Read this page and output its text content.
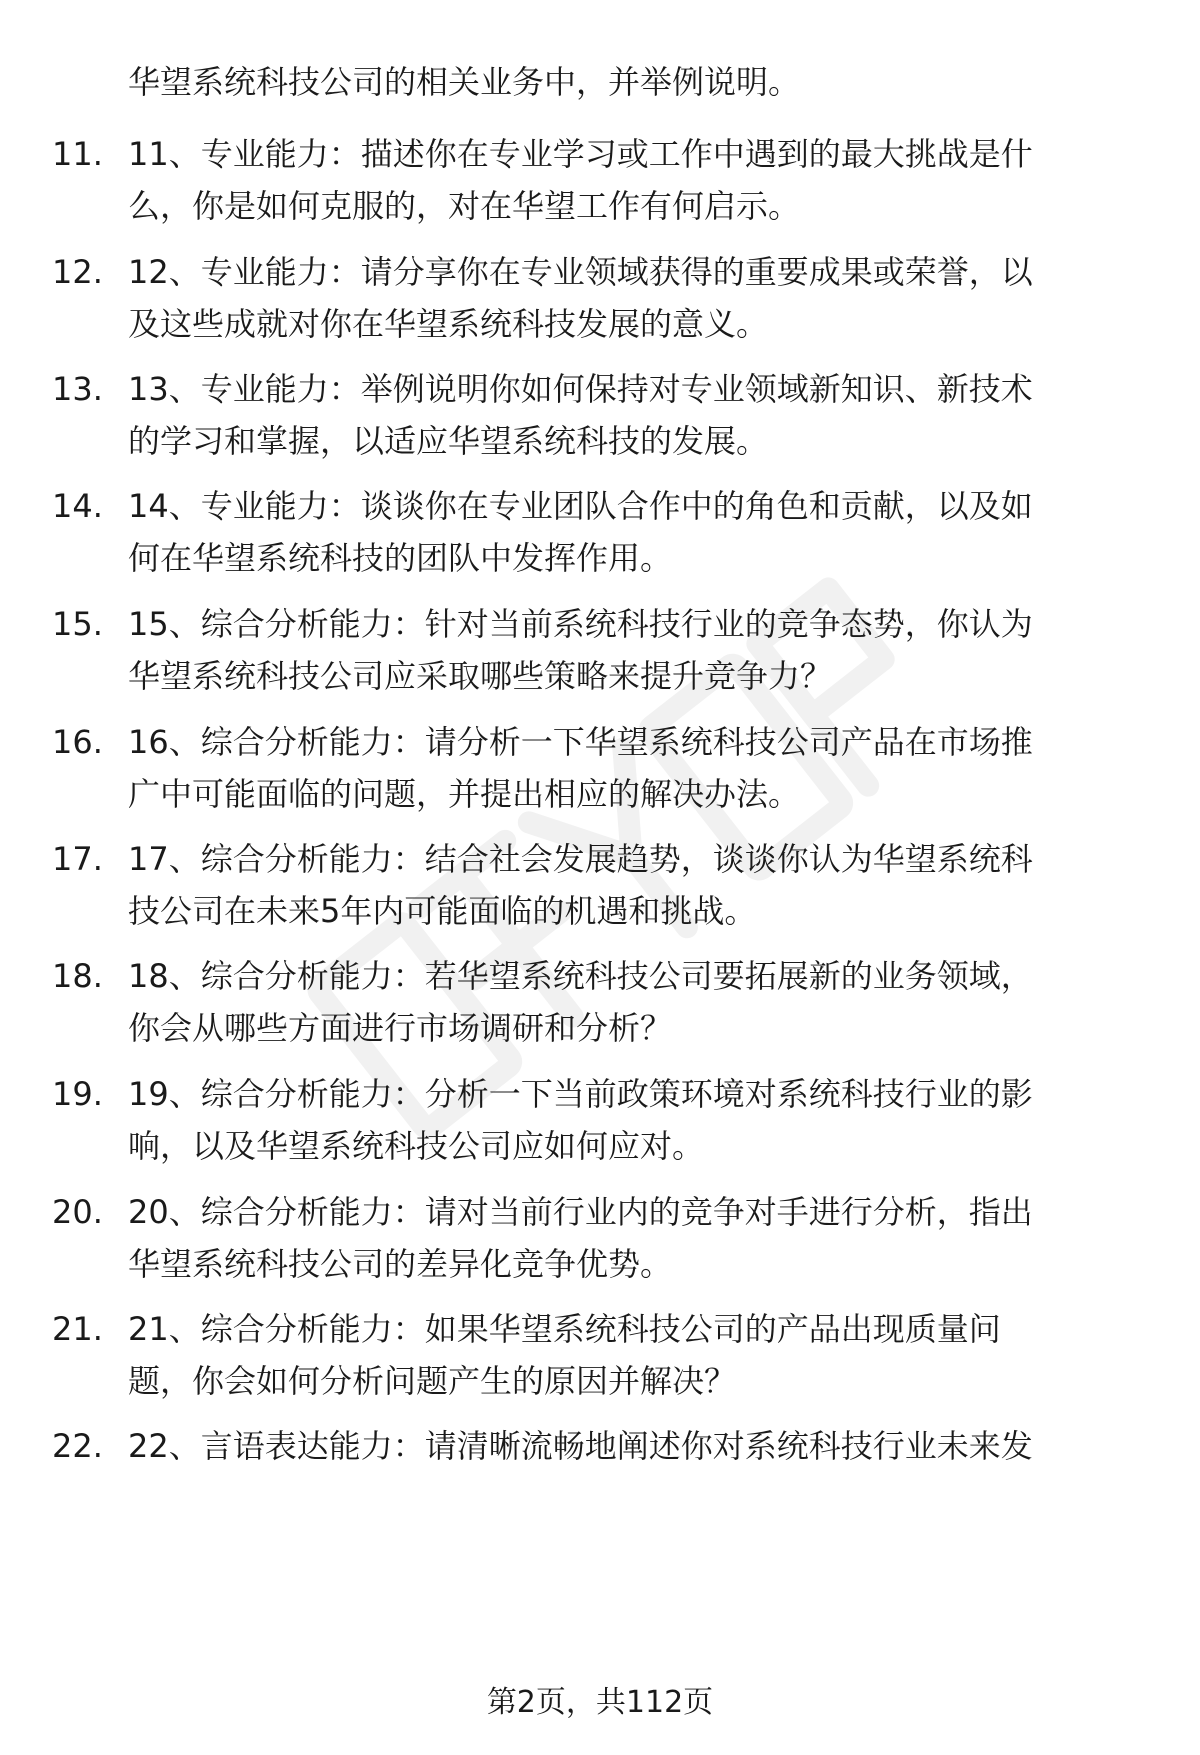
华望系统科技公司的相关业务中，并举例说明。
11. 11、专业能力：描述你在专业学习或工作中遇到的最大挑战是什
么，你是如何克服的，对在华望工作有何启示。
12. 12、专业能力：请分享你在专业领域获得的重要成果或荣誉，以
及这些成就对你在华望系统科技发展的意义。
13. 13、专业能力：举例说明你如何保持对专业领域新知识、新技术
的学习和掌握，以适应华望系统科技的发展。
14. 14、专业能力：谈谈你在专业团队合作中的角色和贡献，以及如
何在华望系统科技的团队中发挥作用。
15. 15、综合分析能力：针对当前系统科技行业的竞争态势，你认为
华望系统科技公司应采取哪些策略来提升竞争力？
16. 16、综合分析能力：请分析一下华望系统科技公司产品在市场推
广中可能面临的问题，并提出相应的解决办法。
17. 17、综合分析能力：结合社会发展趋势，谈谈你认为华望系统科
技公司在未来5年内可能面临的机遇和挑战。
18. 18、综合分析能力：若华望系统科技公司要拓展新的业务领域，
你会从哪些方面进行市场调研和分析？
19. 19、综合分析能力：分析一下当前政策环境对系统科技行业的影
响，以及华望系统科技公司应如何应对。
20. 20、综合分析能力：请对当前行业内的竞争对手进行分析，指出
华望系统科技公司的差异化竞争优势。
21. 21、综合分析能力：如果华望系统科技公司的产品出现质量问
题，你会如何分析问题产生的原因并解决？
22. 22、言语表达能力：请清晰流畅地阐述你对系统科技行业未来发
第2页，共112页
